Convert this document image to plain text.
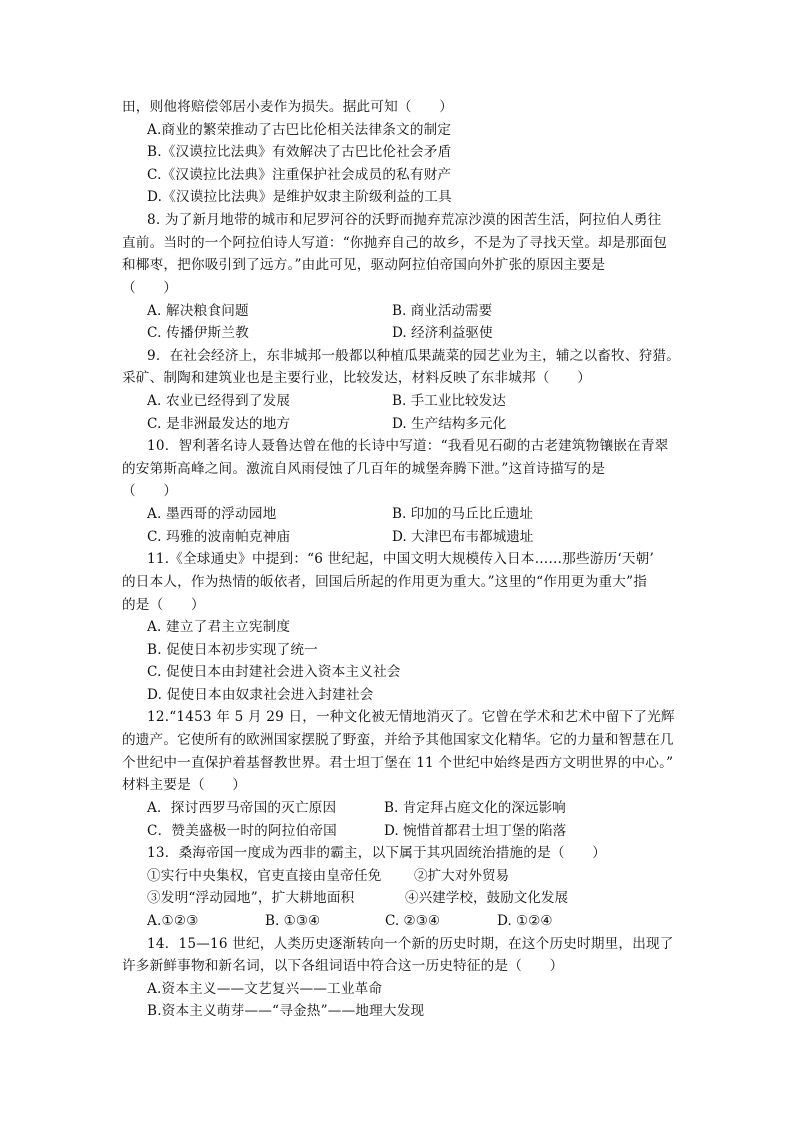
田，则他将赔偿邻居小麦作为损失。据此可知（　　）
A.商业的繁荣推动了古巴比伦相关法律条文的制定
B.《汉谟拉比法典》有效解决了古巴比伦社会矛盾
C.《汉谟拉比法典》注重保护社会成员的私有财产
D.《汉谟拉比法典》是维护奴隶主阶级利益的工具
8. 为了新月地带的城市和尼罗河谷的沃野而抛弃荒凉沙漠的困苦生活，阿拉伯人勇往
直前。当时的一个阿拉伯诗人写道：“你抛弃自己的故乡，不是为了寻找天堂。却是那面包
和椰枣，把你吸引到了远方。”由此可见，驱动阿拉伯帝国向外扩张的原因主要是
（　　）
A. 解决粮食问题	B. 商业活动需要
C. 传播伊斯兰教	D. 经济利益驱使
9．在社会经济上，东非城邦一般都以种植瓜果蔬菜的园艺业为主，辅之以畜牧、狩猎。
采矿、制陶和建筑业也是主要行业，比较发达，材料反映了东非城邦（　　）
A. 农业已经得到了发展	B. 手工业比较发达
C. 是非洲最发达的地方	D. 生产结构多元化
10．智利著名诗人聂鲁达曾在他的长诗中写道：“我看见石砌的古老建筑物镶嵌在青翠
的安第斯高峰之间。激流自风雨侵蚀了几百年的城堡奔腾下泄。”这首诗描写的是
（　　）
A. 墨西哥的浮动园地	B. 印加的马丘比丘遗址
C. 玛雅的波南帕克神庙	D. 大津巴布韦都城遗址
11.《全球通史》中提到：“6 世纪起，中国文明大规模传入日本……那些游历‘天朝’
的日本人，作为热情的皈依者，回国后所起的作用更为重大。”这里的“作用更为重大”指
的是（　　）
A. 建立了君主立宪制度
B. 促使日本初步实现了统一
C. 促使日本由封建社会进入资本主义社会
D. 促使日本由奴隶社会进入封建社会
12.“1453 年 5 月 29 日，一种文化被无情地消灭了。它曾在学术和艺术中留下了光辉
的遗产。它使所有的欧洲国家摆脱了野蛮，并给予其他国家文化精华。它的力量和智慧在几
个世纪中一直保护着基督教世界。君士坦丁堡在 11 个世纪中始终是西方文明世界的中心。”
材料主要是（　　）
A．探讨西罗马帝国的灭亡原因	B. 肯定拜占庭文化的深远影响
C．赞美盛极一时的阿拉伯帝国	D. 惋惜首都君士坦丁堡的陷落
13．桑海帝国一度成为西非的霸主，以下属于其巩固统治措施的是（　　）
①实行中央集权，官吏直接由皇帝任免 ②扩大对外贸易
③发明“浮动园地”，扩大耕地面积	④兴建学校，鼓励文化发展
A.①②③	B. ①③④	C. ②③④	D. ①②④
14．15—16 世纪，人类历史逐渐转向一个新的历史时期，在这个历史时期里，出现了
许多新鲜事物和新名词，以下各组词语中符合这一历史特征的是（　　）
A.资本主义——文艺复兴——工业革命
B.资本主义萌芽——“寻金热”——地理大发现
